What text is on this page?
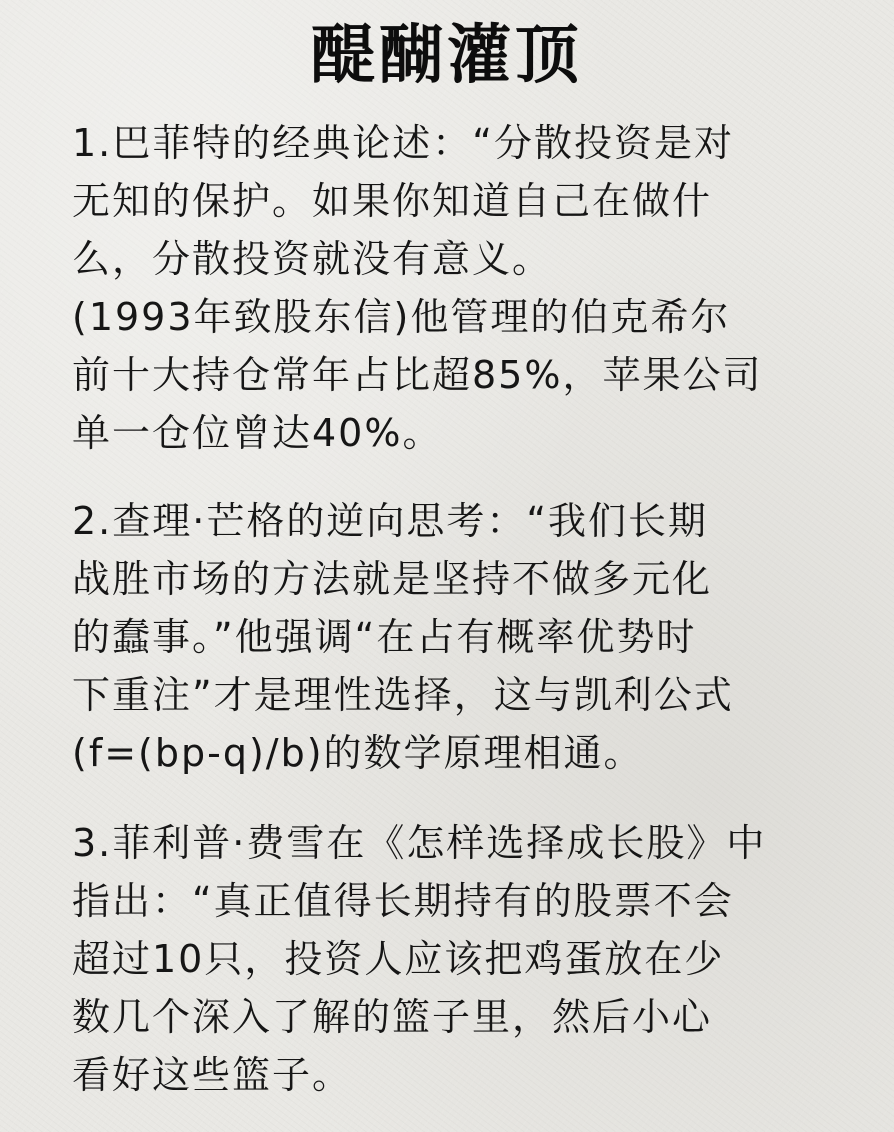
醍醐灌顶
1.巴菲特的经典论述：“分散投资是对
无知的保护。如果你知道自己在做什
么，分散投资就没有意义。
(1993年致股东信)他管理的伯克希尔
前十大持仓常年占比超85%，苹果公司
单一仓位曾达40%。
2.查理·芒格的逆向思考：“我们长期
战胜市场的方法就是坚持不做多元化
的蠢事。”他强调“在占有概率优势时
下重注”才是理性选择，这与凯利公式
(f=(bp-q)/b)的数学原理相通。
3.菲利普·费雪在《怎样选择成长股》中
指出：“真正值得长期持有的股票不会
超过10只，投资人应该把鸡蛋放在少
数几个深入了解的篮子里，然后小心
看好这些篮子。
